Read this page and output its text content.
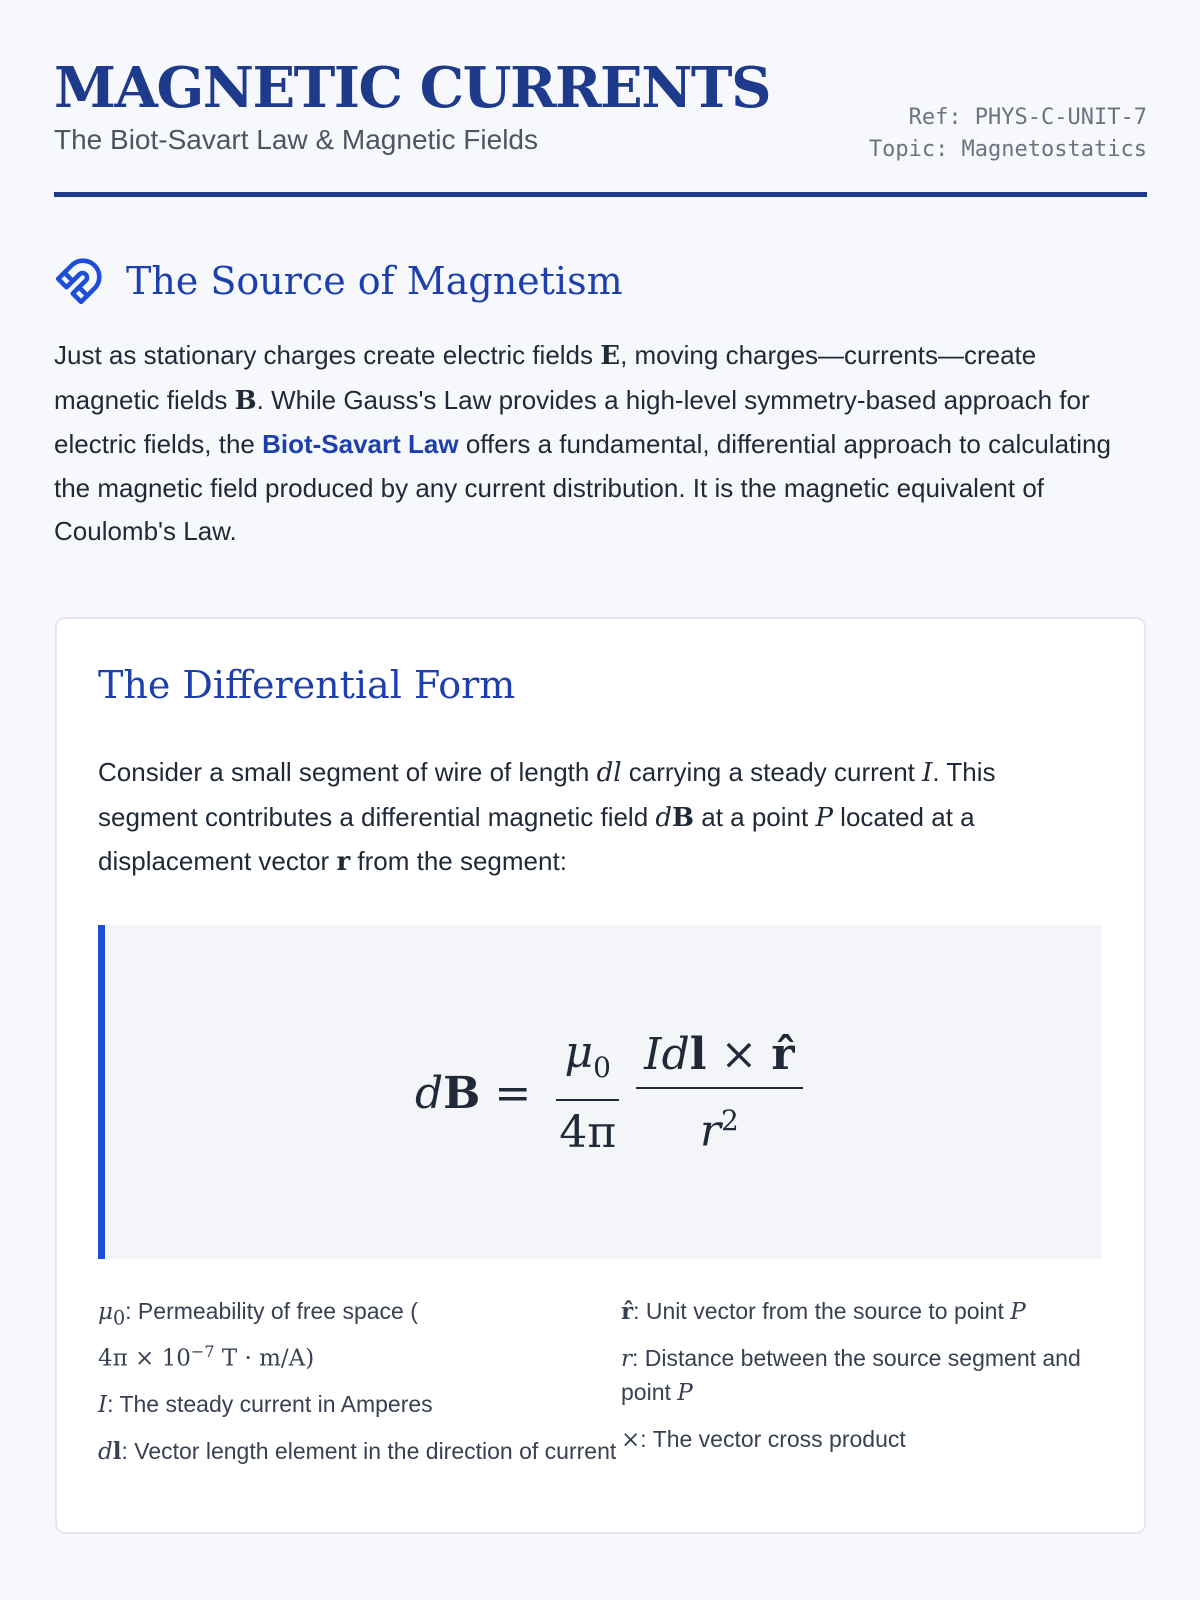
MAGNETIC CURRENTS
The Biot-Savart Law & Magnetic Fields
Ref: PHYS-C-UNIT-7
Topic: Magnetostatics
The Source of Magnetism

Just as stationary charges create electric fields E, moving charges—currents—create magnetic fields B. While Gauss's Law provides a high-level symmetry-based approach for electric fields, the Biot-Savart Law offers a fundamental, differential approach to calculating the magnetic field produced by any current distribution. It is the magnetic equivalent of Coulomb's Law.

The Differential Form

Consider a small segment of wire of length dl carrying a steady current I. This segment contributes a differential magnetic field dB at a point P located at a displacement vector r from the segment:

d $B = \frac{\mu_0}{4\pi} \frac{\text{Idl × r̂}}{r^2}$
$\mu_0$: Permeability of free space (
$4\pi \times 10^{-7}$ T · m/A)
I: The steady current in Amperes
dl: Vector length element in the direction of current
r̂: Unit vector from the source to point P
r: Distance between the source segment and point P
×: The vector cross product
